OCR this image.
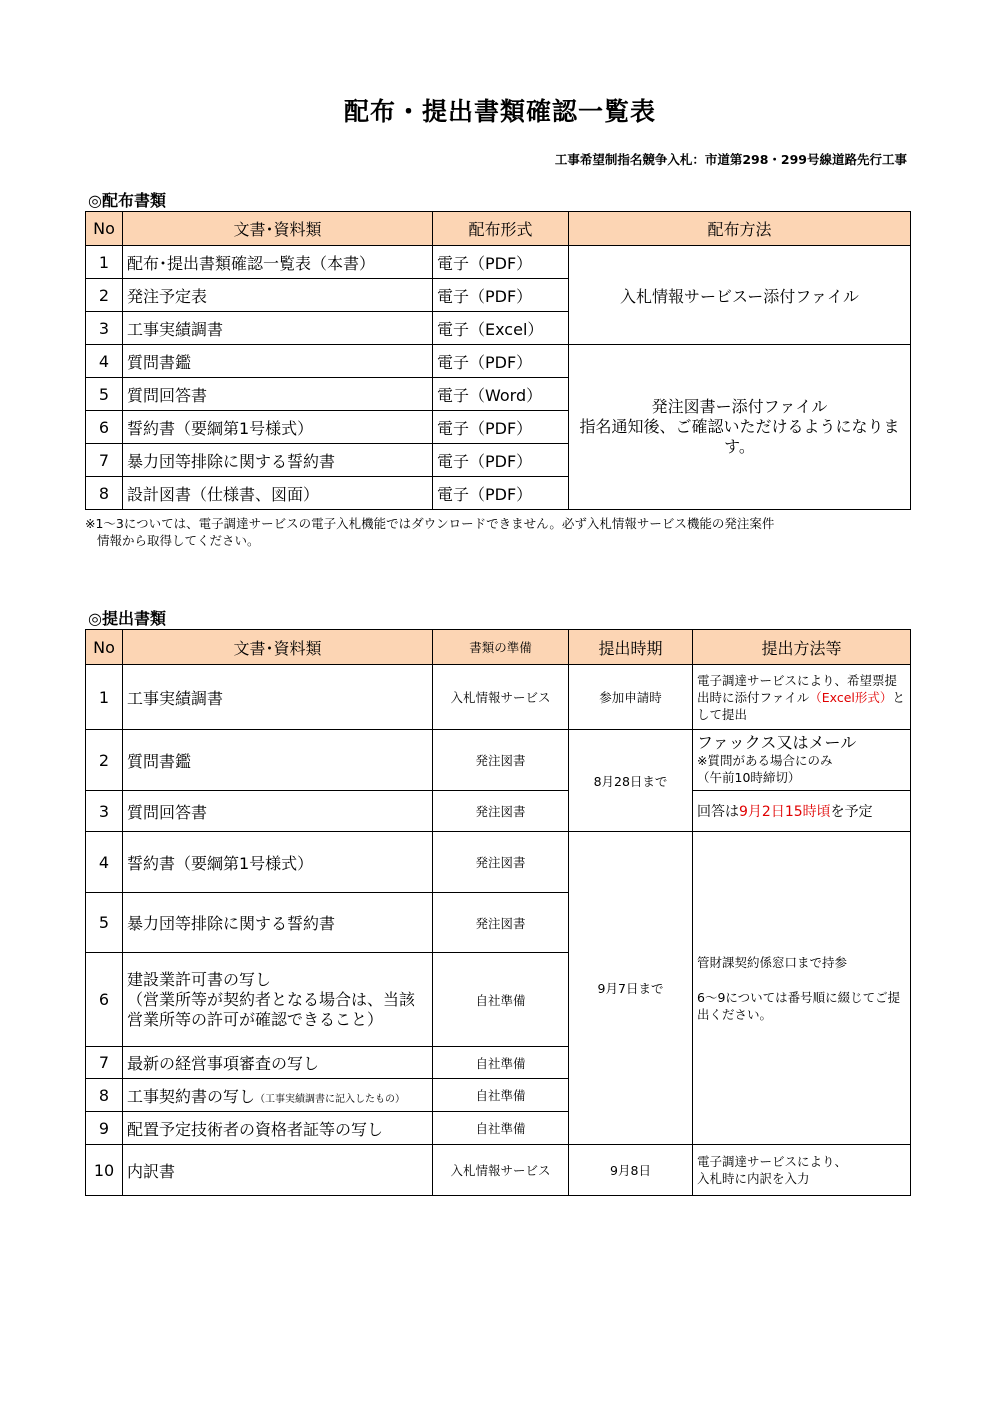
配布・提出書類確認一覧表
工事希望制指名競争入札：市道第298・299号線道路先行工事
◎配布書類
No	文書･資料類	配布形式	配布方法
1	配布･提出書類確認一覧表（本書）	電子（PDF）	入札情報サービスー添付ファイル
2	発注予定表	電子（PDF）	
3	工事実績調書	電子（Excel）	
4	質問書鑑	電子（PDF）	発注図書ー添付ファイル
指名通知後、ご確認いただけるようになります。

5	質問回答書	電子（Word）	
6	誓約書（要綱第1号様式）	電子（PDF）	
7	暴力団等排除に関する誓約書	電子（PDF）	
8	設計図書（仕様書、図面）	電子（PDF）	
※1～3については、電子調達サービスの電子入札機能ではダウンロードできません。必ず入札情報サービス機能の発注案件
情報から取得してください。
◎提出書類
No	文書･資料類	書類の準備	提出時期	提出方法等
1	工事実績調書	入札情報サービス	参加申請時	電子調達サービスにより、希望票提出時に添付ファイル（Excel形式）として提出
2	質問書鑑	発注図書	8月28日まで	ファックス又はメール
※質問がある場合にのみ
（午前10時締切）

3	質問回答書	発注図書		回答は9月2日15時頃を予定
4	誓約書（要綱第1号様式）	発注図書	9月7日まで	管財課契約係窓口まで持参
6～9については番号順に綴じてご提出ください。

5	暴力団等排除に関する誓約書	発注図書		
6	建設業許可書の写し
（営業所等が契約者となる場合は、当該営業所等の許可が確認できること）	自社準備		
7	最新の経営事項審査の写し	自社準備		
8	工事契約書の写し（工事実績調書に記入したもの）	自社準備		
9	配置予定技術者の資格者証等の写し	自社準備		
10	内訳書	入札情報サービス	9月8日	電子調達サービスにより、
入札時に内訳を入力
